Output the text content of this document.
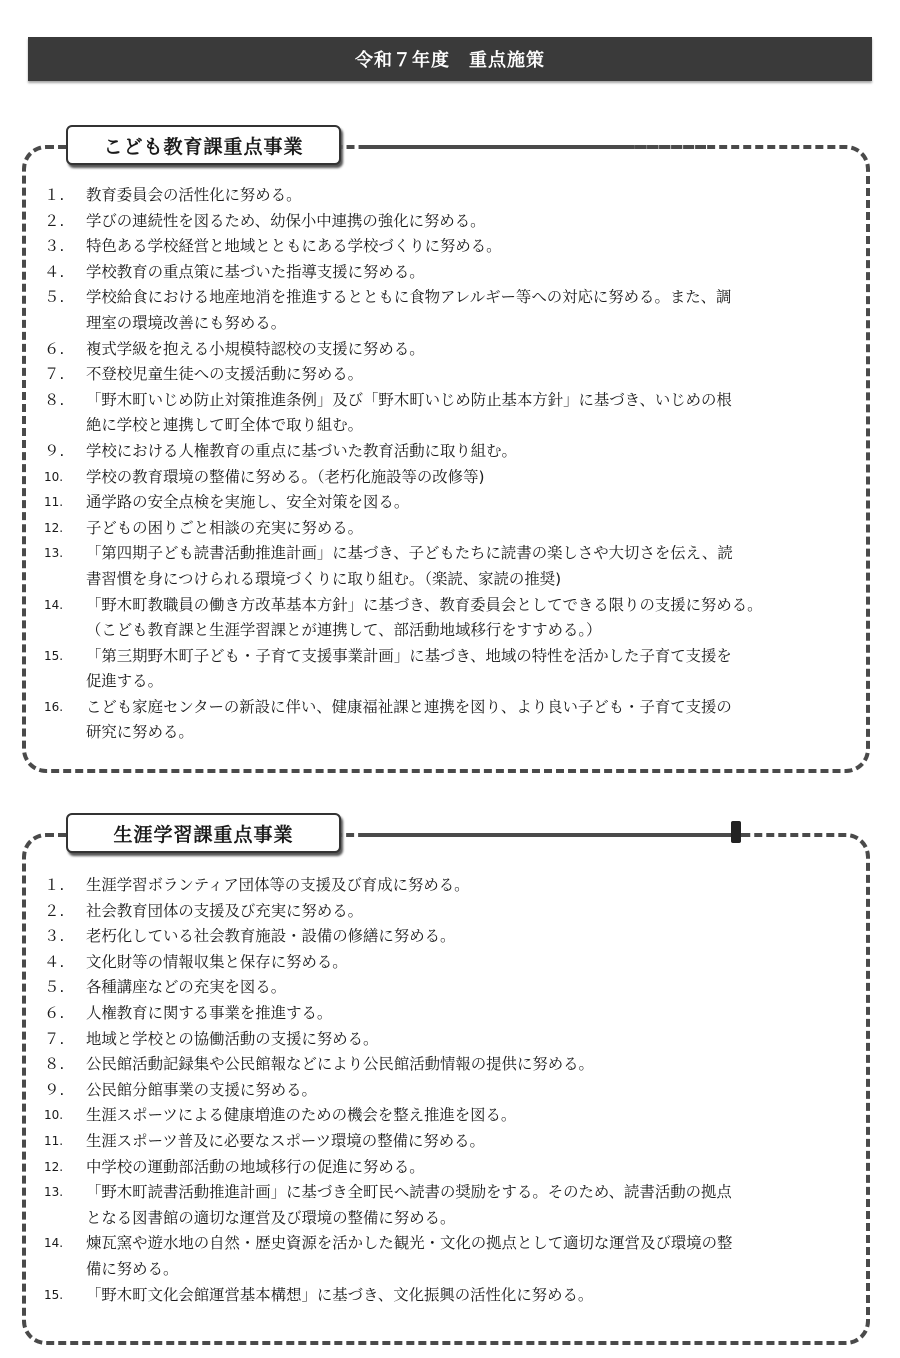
令和７年度　重点施策
こども教育課重点事業
１.	教育委員会の活性化に努める。
２.	学びの連続性を図るため、幼保小中連携の強化に努める。
３.	特色ある学校経営と地域とともにある学校づくりに努める。
４.	学校教育の重点策に基づいた指導支援に努める。
５.	学校給食における地産地消を推進するとともに食物アレルギー等への対応に努める。また、調
理室の環境改善にも努める。
６.	複式学級を抱える小規模特認校の支援に努める。
７.	不登校児童生徒への支援活動に努める。
８.	「野木町いじめ防止対策推進条例」及び「野木町いじめ防止基本方針」に基づき、いじめの根
絶に学校と連携して町全体で取り組む。
９.	学校における人権教育の重点に基づいた教育活動に取り組む。
10.	学校の教育環境の整備に努める。（老朽化施設等の改修等)
11.	通学路の安全点検を実施し、安全対策を図る。
12.	子どもの困りごと相談の充実に努める。
13.	「第四期子ども読書活動推進計画」に基づき、子どもたちに読書の楽しさや大切さを伝え、読
書習慣を身につけられる環境づくりに取り組む。（楽読、家読の推奨)
14.	「野木町教職員の働き方改革基本方針」に基づき、教育委員会としてできる限りの支援に努める。
（こども教育課と生涯学習課とが連携して、部活動地域移行をすすめる。）
15.	「第三期野木町子ども・子育て支援事業計画」に基づき、地域の特性を活かした子育て支援を
促進する。
16.	こども家庭センターの新設に伴い、健康福祉課と連携を図り、より良い子ども・子育て支援の
研究に努める。
生涯学習課重点事業
１.	生涯学習ボランティア団体等の支援及び育成に努める。
２.	社会教育団体の支援及び充実に努める。
３.	老朽化している社会教育施設・設備の修繕に努める。
４.	文化財等の情報収集と保存に努める。
５.	各種講座などの充実を図る。
６.	人権教育に関する事業を推進する。
７.	地域と学校との協働活動の支援に努める。
８.	公民館活動記録集や公民館報などにより公民館活動情報の提供に努める。
９.	公民館分館事業の支援に努める。
10.	生涯スポーツによる健康増進のための機会を整え推進を図る。
11.	生涯スポーツ普及に必要なスポーツ環境の整備に努める。
12.	中学校の運動部活動の地域移行の促進に努める。
13.	「野木町読書活動推進計画」に基づき全町民へ読書の奨励をする。そのため、読書活動の拠点
となる図書館の適切な運営及び環境の整備に努める。
14.	煉瓦窯や遊水地の自然・歴史資源を活かした観光・文化の拠点として適切な運営及び環境の整
備に努める。
15.	「野木町文化会館運営基本構想」に基づき、文化振興の活性化に努める。
